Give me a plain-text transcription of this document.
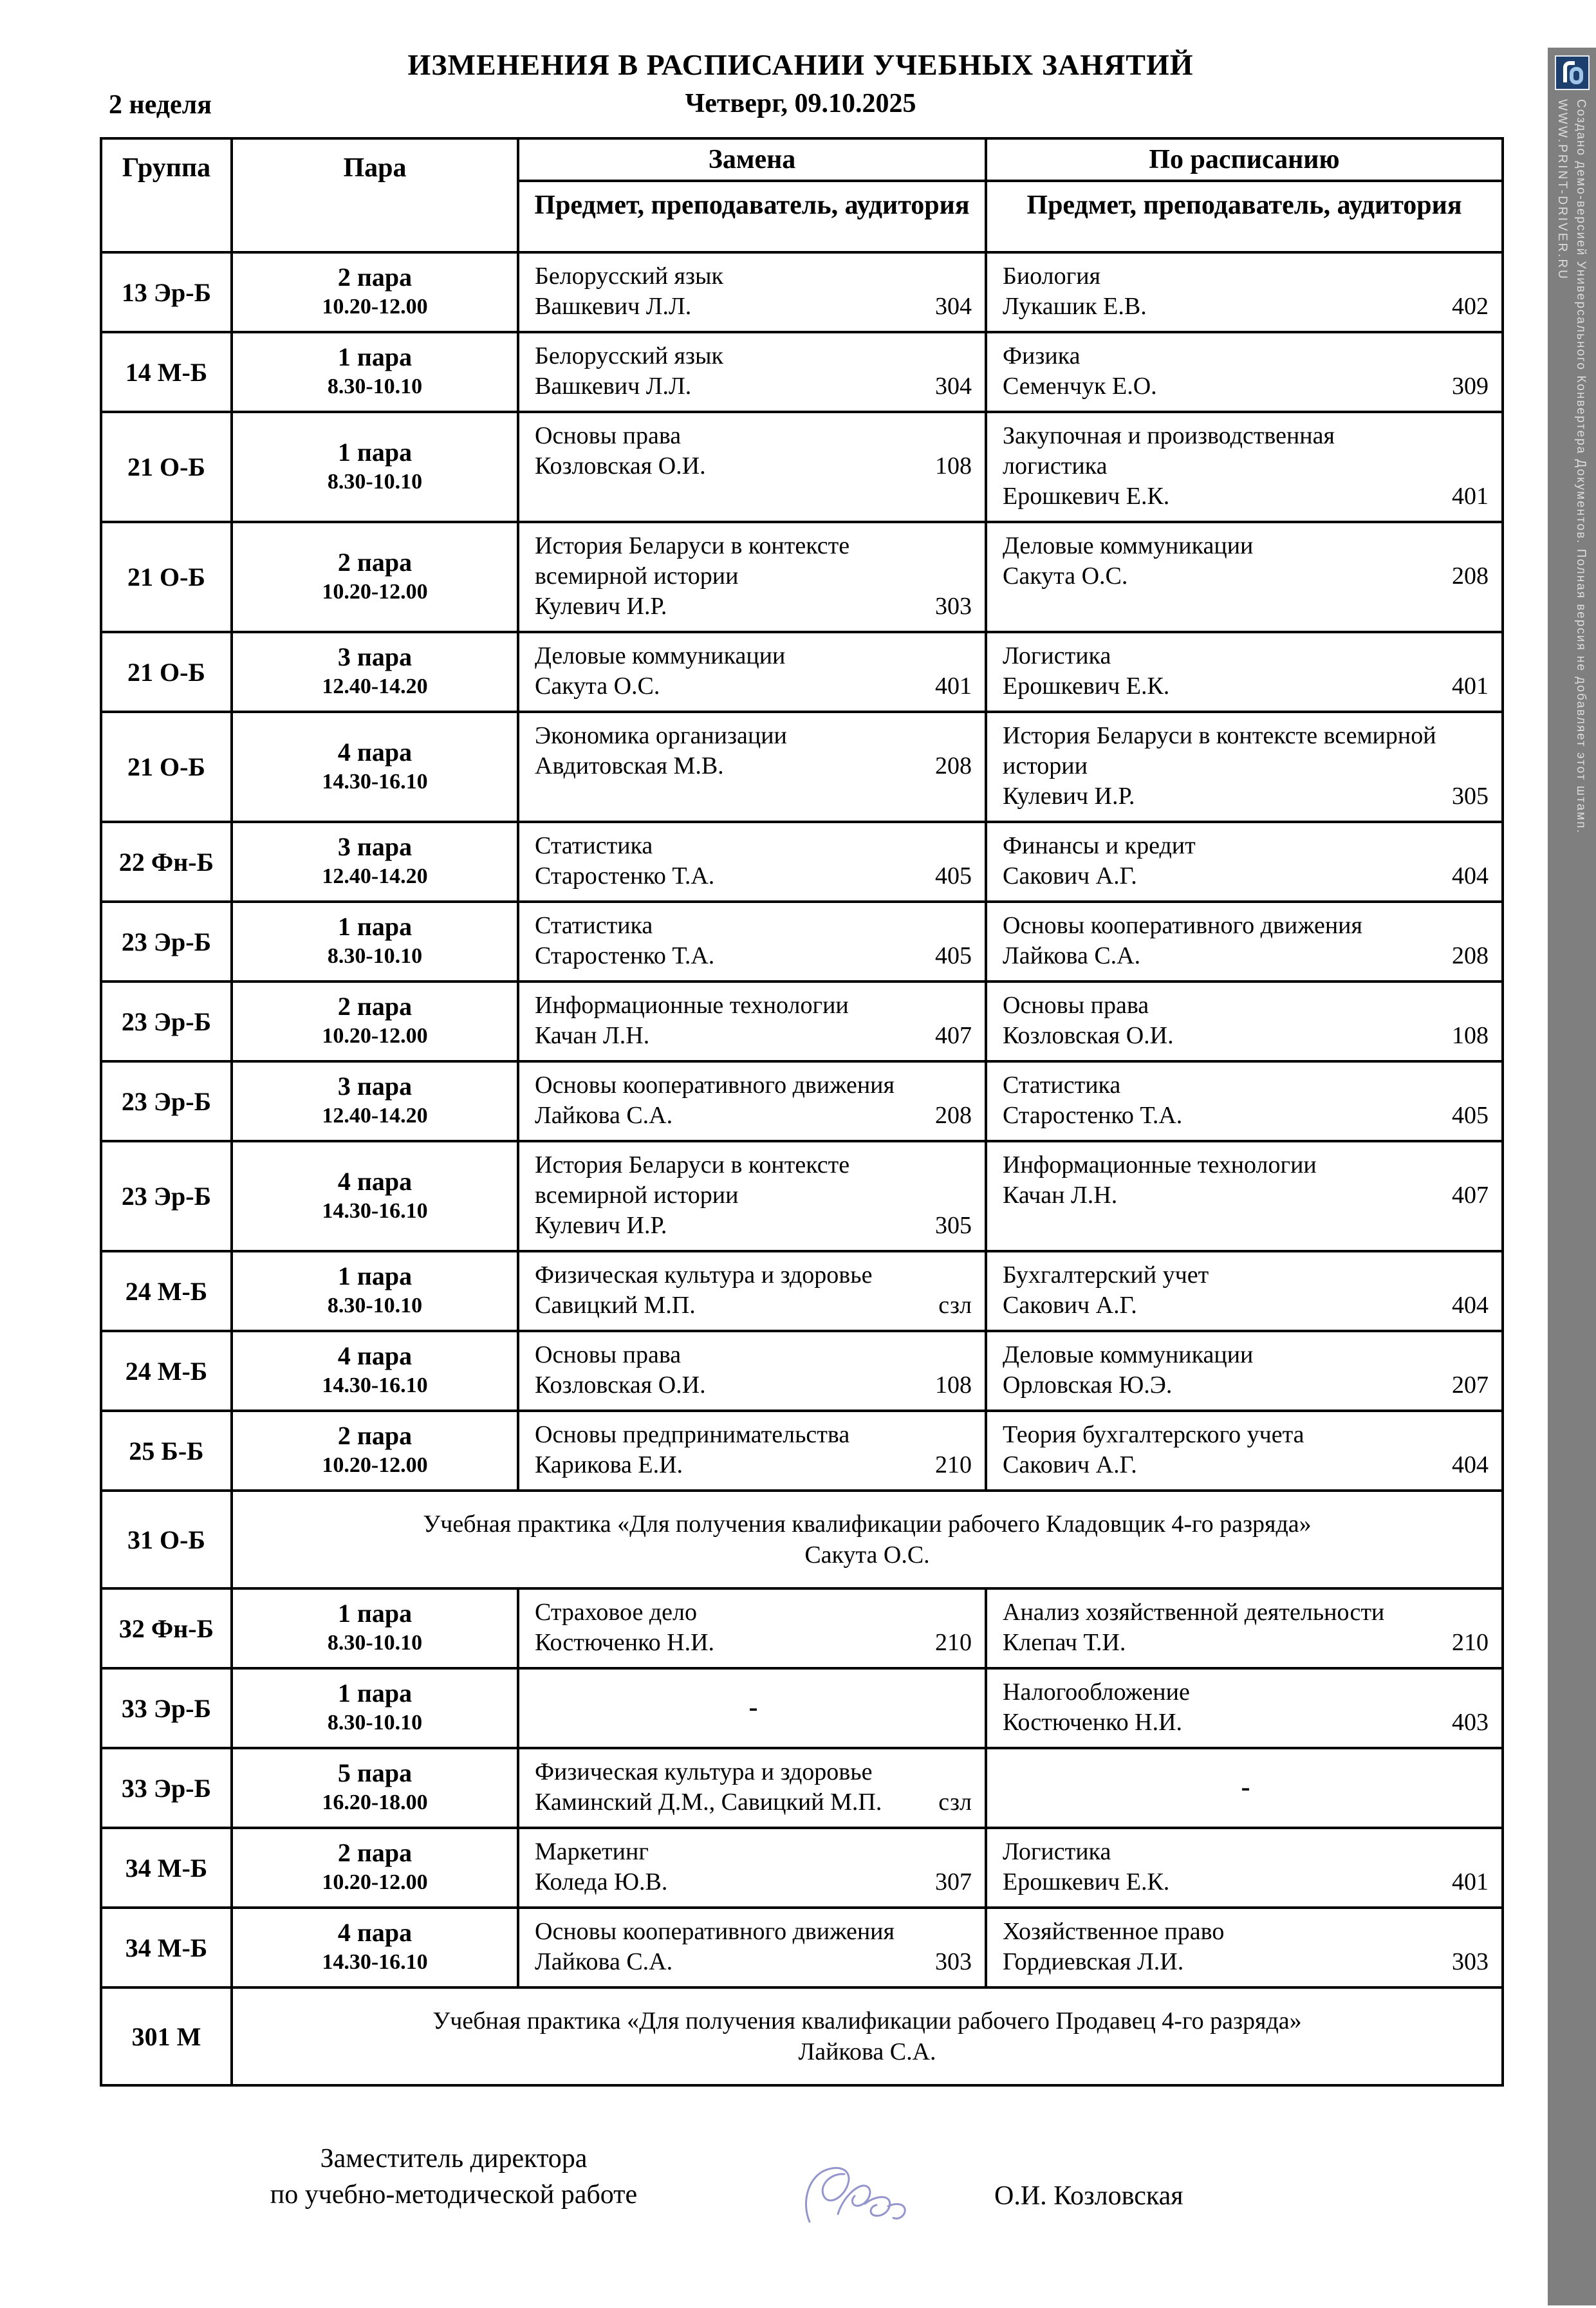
ИЗМЕНЕНИЯ В РАСПИСАНИИ УЧЕБНЫХ ЗАНЯТИЙ
2 неделя	Четверг, 09.10.2025
Группа	Пара	Замена	По расписанию
		Предмет, преподаватель, аудитория	Предмет, преподаватель, аудитория
13 Эр-Б	
2 пара
10.20-12.00

Белорусский язык
Вашкевич Л.Л.	304

Биология
Лукашик Е.В.	402

14 М-Б	
1 пара
8.30-10.10

Белорусский язык
Вашкевич Л.Л.	304

Физика
Семенчук Е.О.	309

21 О-Б	
1 пара
8.30-10.10

Основы права
Козловская О.И.	108

Закупочная и производственная логистика
Ерошкевич Е.К.	401

21 О-Б	
2 пара
10.20-12.00

История Беларуси в контексте всемирной истории
Кулевич И.Р.	303

Деловые коммуникации
Сакута О.С.	208

21 О-Б	
3 пара
12.40-14.20

Деловые коммуникации
Сакута О.С.	401

Логистика
Ерошкевич Е.К.	401

21 О-Б	
4 пара
14.30-16.10

Экономика организации
Авдитовская М.В.	208

История Беларуси в контексте всемирной истории
Кулевич И.Р.	305

22 Фн-Б	
3 пара
12.40-14.20

Статистика
Старостенко Т.А.	405

Финансы и кредит
Сакович А.Г.	404

23 Эр-Б	
1 пара
8.30-10.10

Статистика
Старостенко Т.А.	405

Основы кооперативного движения
Лайкова С.А.	208

23 Эр-Б	
2 пара
10.20-12.00

Информационные технологии
Качан Л.Н.	407

Основы права
Козловская О.И.	108

23 Эр-Б	
3 пара
12.40-14.20

Основы кооперативного движения
Лайкова С.А.	208

Статистика
Старостенко Т.А.	405

23 Эр-Б	
4 пара
14.30-16.10

История Беларуси в контексте всемирной истории
Кулевич И.Р.	305

Информационные технологии
Качан Л.Н.	407

24 М-Б	
1 пара
8.30-10.10

Физическая культура и здоровье
Савицкий М.П.	сзл

Бухгалтерский учет
Сакович А.Г.	404

24 М-Б	
4 пара
14.30-16.10

Основы права
Козловская О.И.	108

Деловые коммуникации
Орловская Ю.Э.	207

25 Б-Б	
2 пара
10.20-12.00

Основы предпринимательства
Карикова Е.И.	210

Теория бухгалтерского учета
Сакович А.Г.	404

31 О-Б	Учебная практика «Для получения квалификации рабочего Кладовщик 4-го разряда»
Сакута О.С.		

32 Фн-Б	
1 пара
8.30-10.10

Страховое дело
Костюченко Н.И.	210

Анализ хозяйственной деятельности
Клепач Т.И.	210

33 Эр-Б	
1 пара
8.30-10.10
	-	
Налогообложение
Костюченко Н.И.	403

33 Эр-Б	
5 пара
16.20-18.00

Физическая культура и здоровье
Каминский Д.М., Савицкий М.П.	сзл	-
34 М-Б	
2 пара
10.20-12.00

Маркетинг
Коледа Ю.В.	307

Логистика
Ерошкевич Е.К.	401

34 М-Б	
4 пара
14.30-16.10

Основы кооперативного движения
Лайкова С.А.	303

Хозяйственное право
Гордиевская Л.И.	303

301 М	Учебная практика «Для получения квалификации рабочего Продавец 4-го разряда»
Лайкова С.А.		
Заместитель директора
по учебно-методической работе	О.И. Козловская
Создано демо-версией Универсального Конвертера Документов. Полная версия не добавляет этот штамп.
WWW.PRINT-DRIVER.RU
